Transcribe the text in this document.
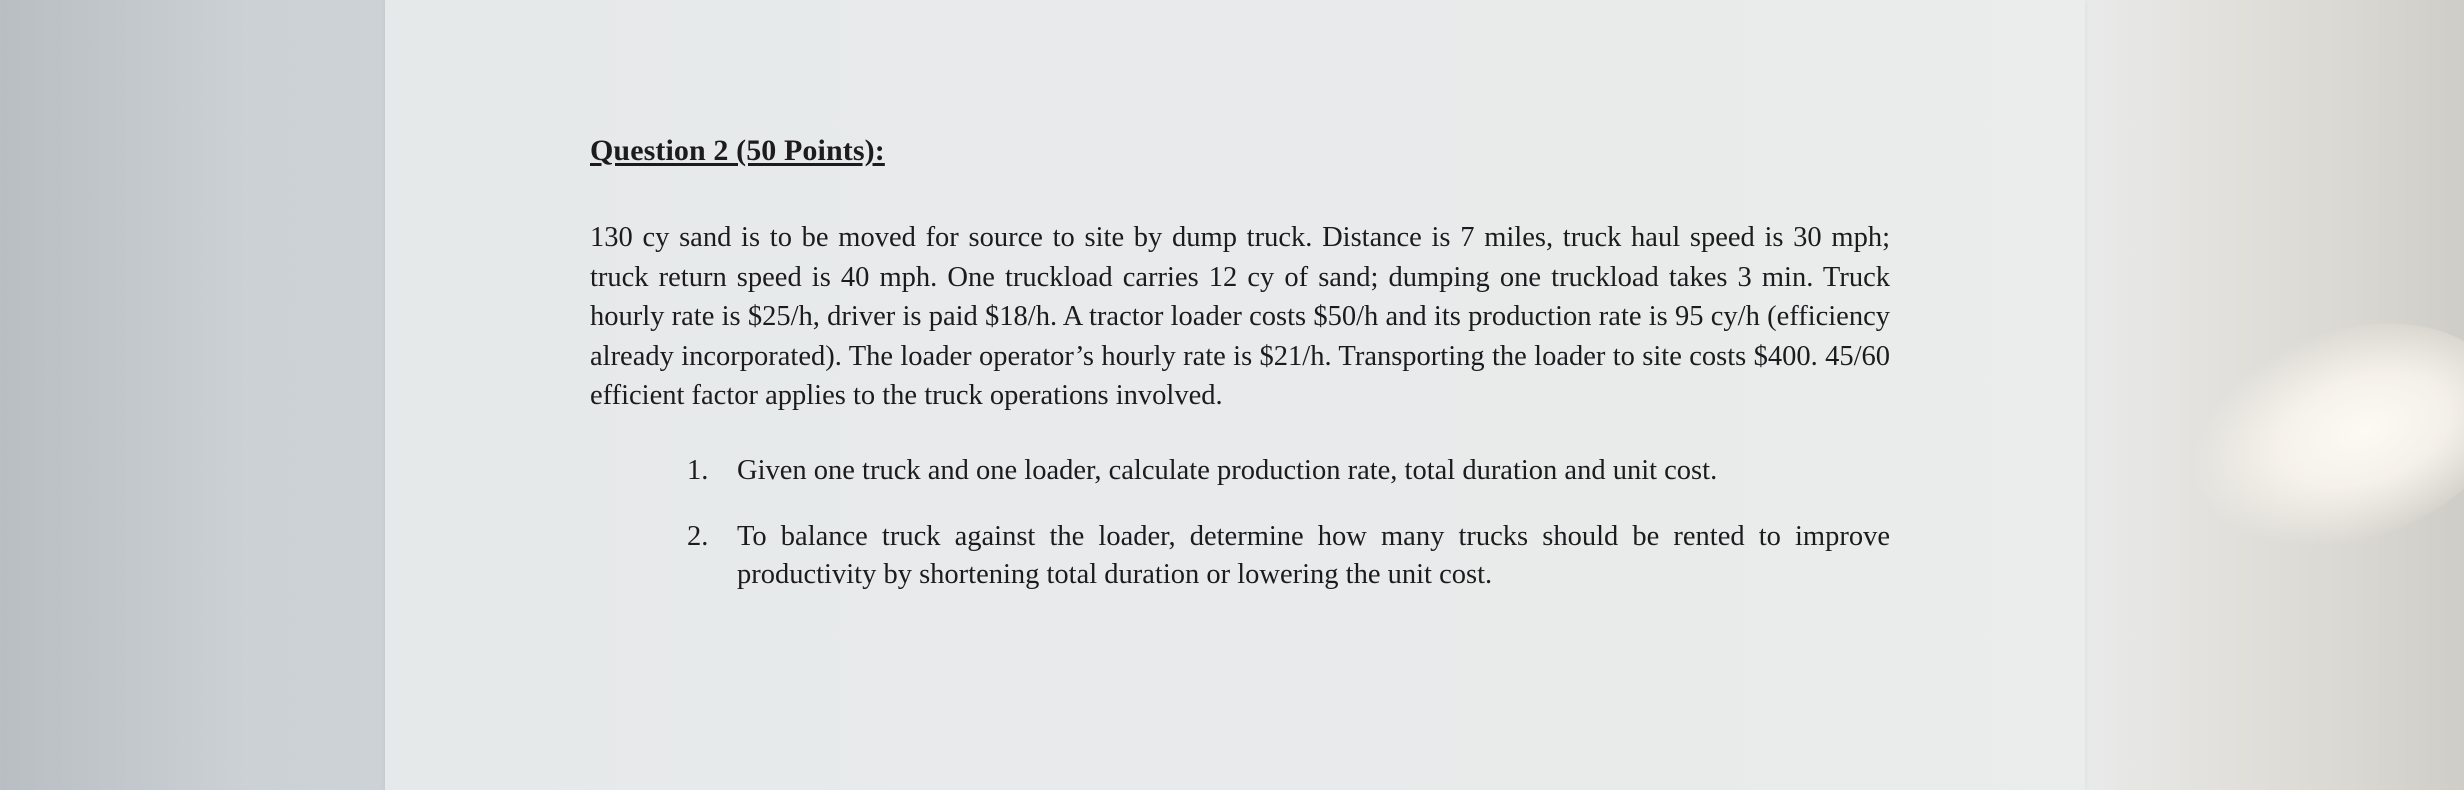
Question 2 (50 Points):

130 cy sand is to be moved for source to site by dump truck. Distance is 7 miles, truck haul speed is 30 mph; truck return speed is 40 mph. One truckload carries 12 cy of sand; dumping one truckload takes 3 min. Truck hourly rate is $25/h, driver is paid $18/h. A tractor loader costs $50/h and its production rate is 95 cy/h (efficiency already incorporated). The loader operator’s hourly rate is $21/h. Transporting the loader to site costs $400. 45/60 efficient factor applies to the truck operations involved.

1. Given one truck and one loader, calculate production rate, total duration and unit cost.
2. To balance truck against the loader, determine how many trucks should be rented to improve productivity by shortening total duration or lowering the unit cost.
